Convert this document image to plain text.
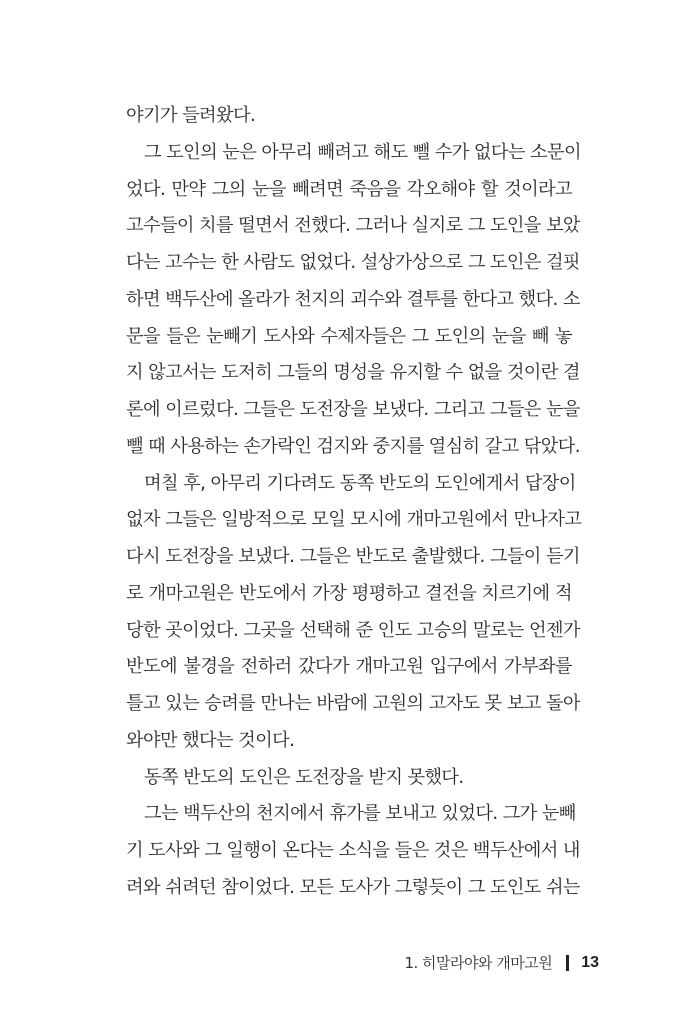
야기가 들려왔다.
그 도인의 눈은 아무리 빼려고 해도 뺄 수가 없다는 소문이
었다. 만약 그의 눈을 빼려면 죽음을 각오해야 할 것이라고
고수들이 치를 떨면서 전했다. 그러나 실지로 그 도인을 보았
다는 고수는 한 사람도 없었다. 설상가상으로 그 도인은 걸핏
하면 백두산에 올라가 천지의 괴수와 결투를 한다고 했다. 소
문을 들은 눈빼기 도사와 수제자들은 그 도인의 눈을 빼 놓
지 않고서는 도저히 그들의 명성을 유지할 수 없을 것이란 결
론에 이르렀다. 그들은 도전장을 보냈다. 그리고 그들은 눈을
뺄 때 사용하는 손가락인 검지와 중지를 열심히 갈고 닦았다.
며칠 후, 아무리 기다려도 동쪽 반도의 도인에게서 답장이
없자 그들은 일방적으로 모일 모시에 개마고원에서 만나자고
다시 도전장을 보냈다. 그들은 반도로 출발했다. 그들이 듣기
로 개마고원은 반도에서 가장 평평하고 결전을 치르기에 적
당한 곳이었다. 그곳을 선택해 준 인도 고승의 말로는 언젠가
반도에 불경을 전하러 갔다가 개마고원 입구에서 가부좌를
틀고 있는 승려를 만나는 바람에 고원의 고자도 못 보고 돌아
와야만 했다는 것이다.
동쪽 반도의 도인은 도전장을 받지 못했다.
그는 백두산의 천지에서 휴가를 보내고 있었다. 그가 눈빼
기 도사와 그 일행이 온다는 소식을 들은 것은 백두산에서 내
려와 쉬려던 참이었다. 모든 도사가 그렇듯이 그 도인도 쉬는
1. 히말라야와 개마고원 13
